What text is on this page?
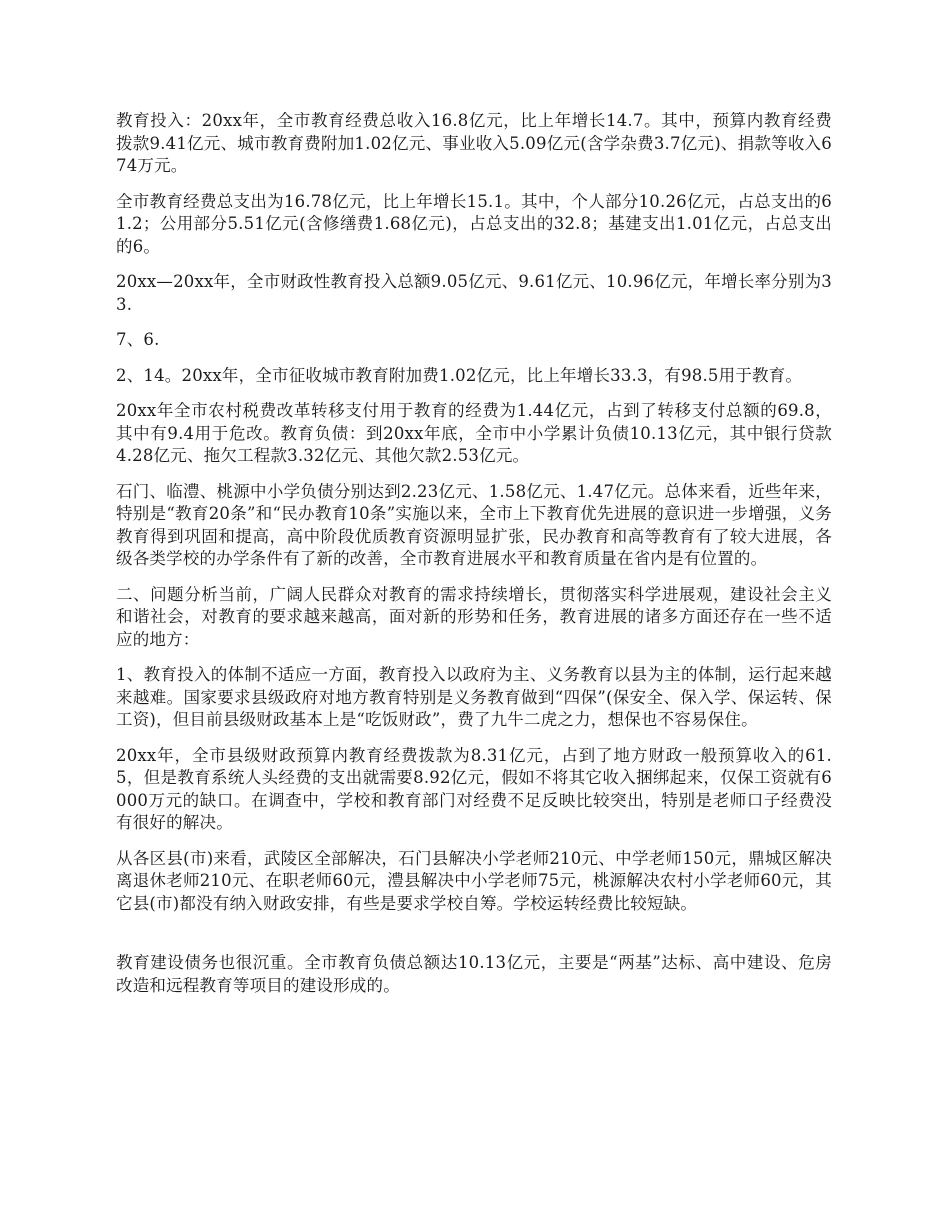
教育投入：20xx年，全市教育经费总收入16.8亿元，比上年增长14.7。其中，预算内教育经费拨款9.41亿元、城市教育费附加1.02亿元、事业收入5.09亿元(含学杂费3.7亿元)、捐款等收入674万元。

全市教育经费总支出为16.78亿元，比上年增长15.1。其中，个人部分10.26亿元，占总支出的61.2；公用部分5.51亿元(含修缮费1.68亿元)，占总支出的32.8；基建支出1.01亿元，占总支出的6。

20xx—20xx年，全市财政性教育投入总额9.05亿元、9.61亿元、10.96亿元，年增长率分别为33.

7、6.

2、14。20xx年，全市征收城市教育附加费1.02亿元，比上年增长33.3，有98.5用于教育。

20xx年全市农村税费改革转移支付用于教育的经费为1.44亿元，占到了转移支付总额的69.8，其中有9.4用于危改。教育负债：到20xx年底，全市中小学累计负债10.13亿元，其中银行贷款4.28亿元、拖欠工程款3.32亿元、其他欠款2.53亿元。

石门、临澧、桃源中小学负债分别达到2.23亿元、1.58亿元、1.47亿元。总体来看，近些年来，特别是“教育20条”和“民办教育10条”实施以来，全市上下教育优先进展的意识进一步增强，义务教育得到巩固和提高，高中阶段优质教育资源明显扩张，民办教育和高等教育有了较大进展，各级各类学校的办学条件有了新的改善，全市教育进展水平和教育质量在省内是有位置的。

二、问题分析当前，广阔人民群众对教育的需求持续增长，贯彻落实科学进展观，建设社会主义和谐社会，对教育的要求越来越高，面对新的形势和任务，教育进展的诸多方面还存在一些不适应的地方：

1、教育投入的体制不适应一方面，教育投入以政府为主、义务教育以县为主的体制，运行起来越来越难。国家要求县级政府对地方教育特别是义务教育做到“四保”(保安全、保入学、保运转、保工资)，但目前县级财政基本上是“吃饭财政”，费了九牛二虎之力，想保也不容易保住。

20xx年，全市县级财政预算内教育经费拨款为8.31亿元，占到了地方财政一般预算收入的61.5，但是教育系统人头经费的支出就需要8.92亿元，假如不将其它收入捆绑起来，仅保工资就有6000万元的缺口。在调查中，学校和教育部门对经费不足反映比较突出，特别是老师口子经费没有很好的解决。

从各区县(市)来看，武陵区全部解决，石门县解决小学老师210元、中学老师150元，鼎城区解决离退休老师210元、在职老师60元，澧县解决中小学老师75元，桃源解决农村小学老师60元，其它县(市)都没有纳入财政安排，有些是要求学校自筹。学校运转经费比较短缺。

教育建设债务也很沉重。全市教育负债总额达10.13亿元，主要是“两基”达标、高中建设、危房改造和远程教育等项目的建设形成的。
